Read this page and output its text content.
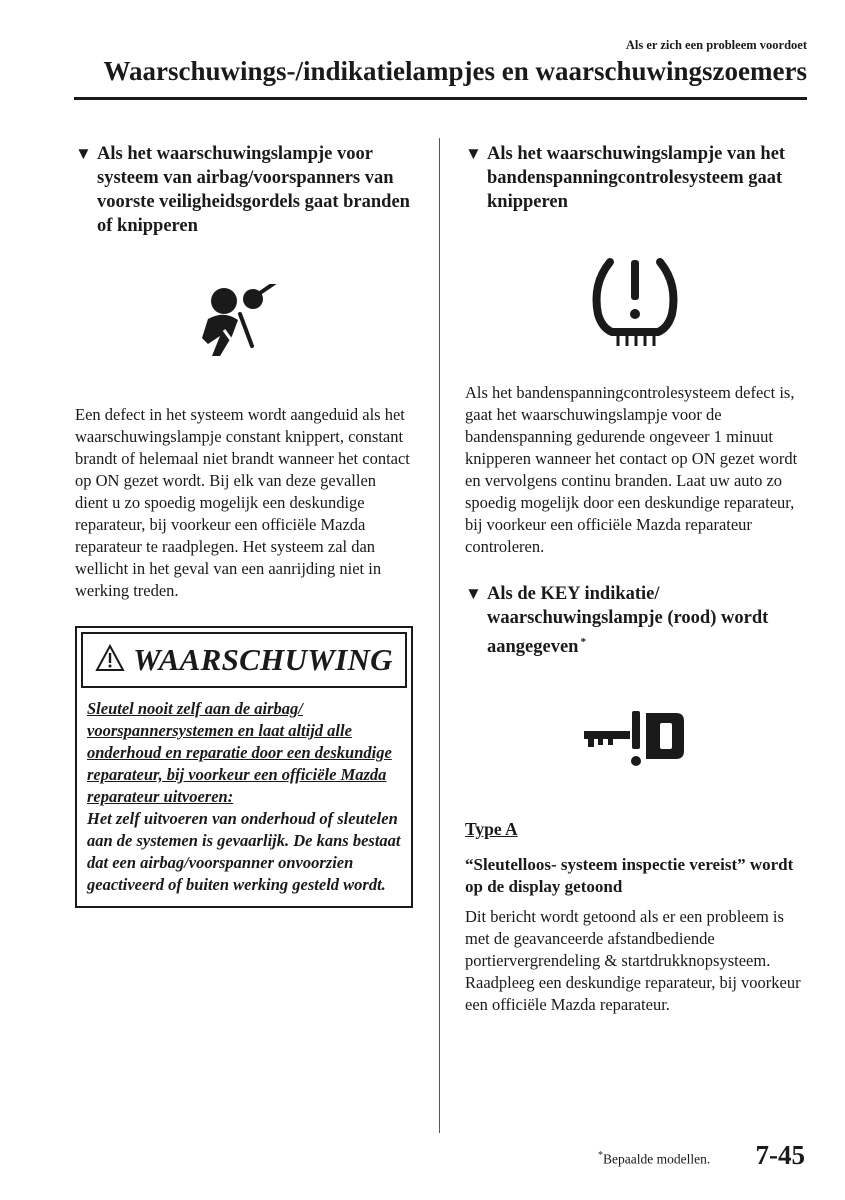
Als er zich een probleem voordoet
Waarschuwings-/indikatielampjes en waarschuwingszoemers
▼ Als het waarschuwingslampje voor systeem van airbag/voorspanners van voorste veiligheidsgordels gaat branden of knipperen

Een defect in het systeem wordt aangeduid als het waarschuwingslampje constant knippert, constant brandt of helemaal niet brandt wanneer het contact op ON gezet wordt. Bij elk van deze gevallen dient u zo spoedig mogelijk een deskundige reparateur, bij voorkeur een officiële Mazda reparateur te raadplegen. Het systeem zal dan wellicht in het geval van een aanrijding niet in werking treden.

WAARSCHUWING
Sleutel nooit zelf aan de airbag/ voorspannersystemen en laat altijd alle onderhoud en reparatie door een deskundige reparateur, bij voorkeur een officiële Mazda reparateur uitvoeren:
Het zelf uitvoeren van onderhoud of sleutelen aan de systemen is gevaarlijk. De kans bestaat dat een airbag/voorspanner onvoorzien geactiveerd of buiten werking gesteld wordt.
▼ Als het waarschuwingslampje van het bandenspanningcontrolesysteem gaat knipperen

Als het bandenspanningcontrolesysteem defect is, gaat het waarschuwingslampje voor de bandenspanning gedurende ongeveer 1 minuut knipperen wanneer het contact op ON gezet wordt en vervolgens continu branden. Laat uw auto zo spoedig mogelijk door een deskundige reparateur, bij voorkeur een officiële Mazda reparateur controleren.

▼ Als de KEY indikatie/ waarschuwingslampje (rood) wordt aangegeven *

Type A

“Sleutelloos- systeem inspectie vereist” wordt op de display getoond

Dit bericht wordt getoond als er een probleem is met de geavanceerde afstandbediende portiervergrendeling & startdrukknopsysteem.

Raadpleeg een deskundige reparateur, bij voorkeur een officiële Mazda reparateur.

*Bepaalde modellen. 7-45
